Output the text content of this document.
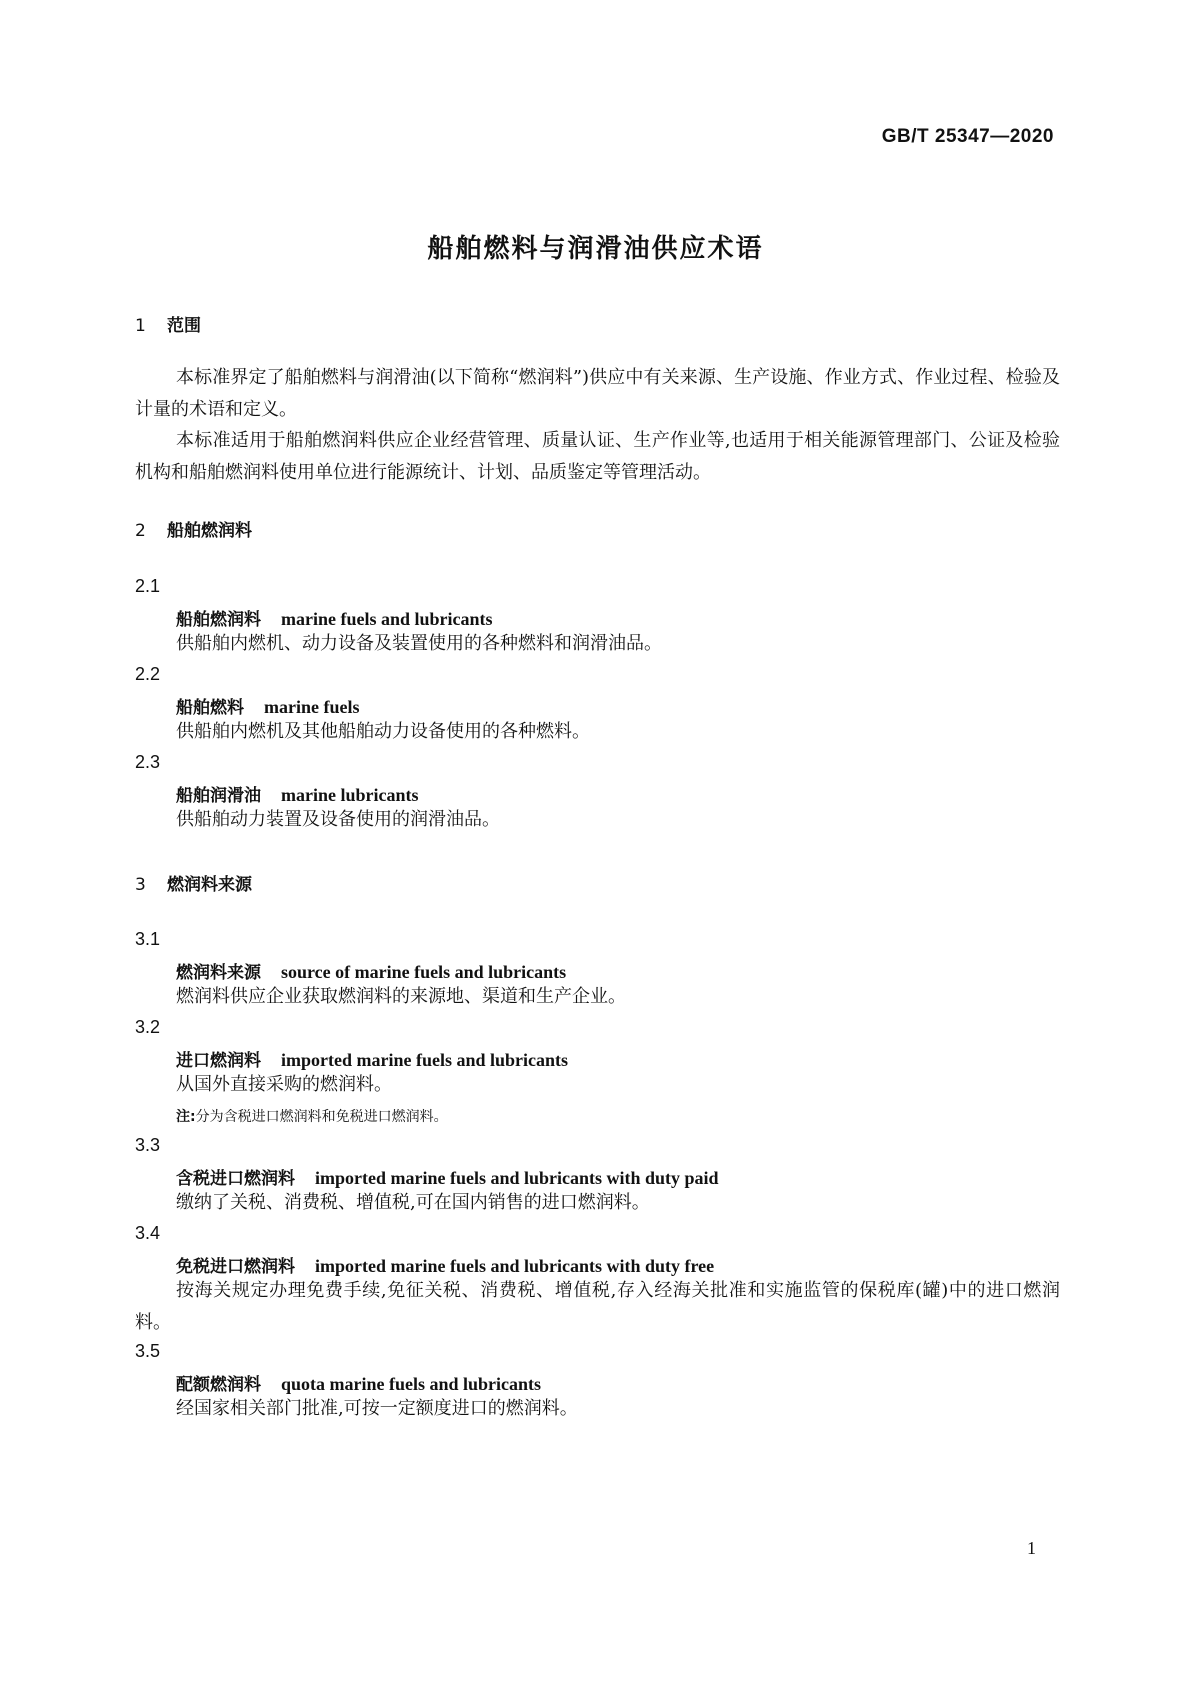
GB/T 25347—2020
船舶燃料与润滑油供应术语
1 范围
本标准界定了船舶燃料与润滑油(以下简称“燃润料”)供应中有关来源、生产设施、作业方式、作业过程、检验及计量的术语和定义。
本标准适用于船舶燃润料供应企业经营管理、质量认证、生产作业等,也适用于相关能源管理部门、公证及检验机构和船舶燃润料使用单位进行能源统计、计划、品质鉴定等管理活动。
2 船舶燃润料
2.1
船舶燃润料 marine fuels and lubricants
供船舶内燃机、动力设备及装置使用的各种燃料和润滑油品。
2.2
船舶燃料 marine fuels
供船舶内燃机及其他船舶动力设备使用的各种燃料。
2.3
船舶润滑油 marine lubricants
供船舶动力装置及设备使用的润滑油品。
3 燃润料来源
3.1
燃润料来源 source of marine fuels and lubricants
燃润料供应企业获取燃润料的来源地、渠道和生产企业。
3.2
进口燃润料 imported marine fuels and lubricants
从国外直接采购的燃润料。
注:分为含税进口燃润料和免税进口燃润料。
3.3
含税进口燃润料 imported marine fuels and lubricants with duty paid
缴纳了关税、消费税、增值税,可在国内销售的进口燃润料。
3.4
免税进口燃润料 imported marine fuels and lubricants with duty free
按海关规定办理免费手续,免征关税、消费税、增值税,存入经海关批准和实施监管的保税库(罐)中的进口燃润料。
3.5
配额燃润料 quota marine fuels and lubricants
经国家相关部门批准,可按一定额度进口的燃润料。
1
